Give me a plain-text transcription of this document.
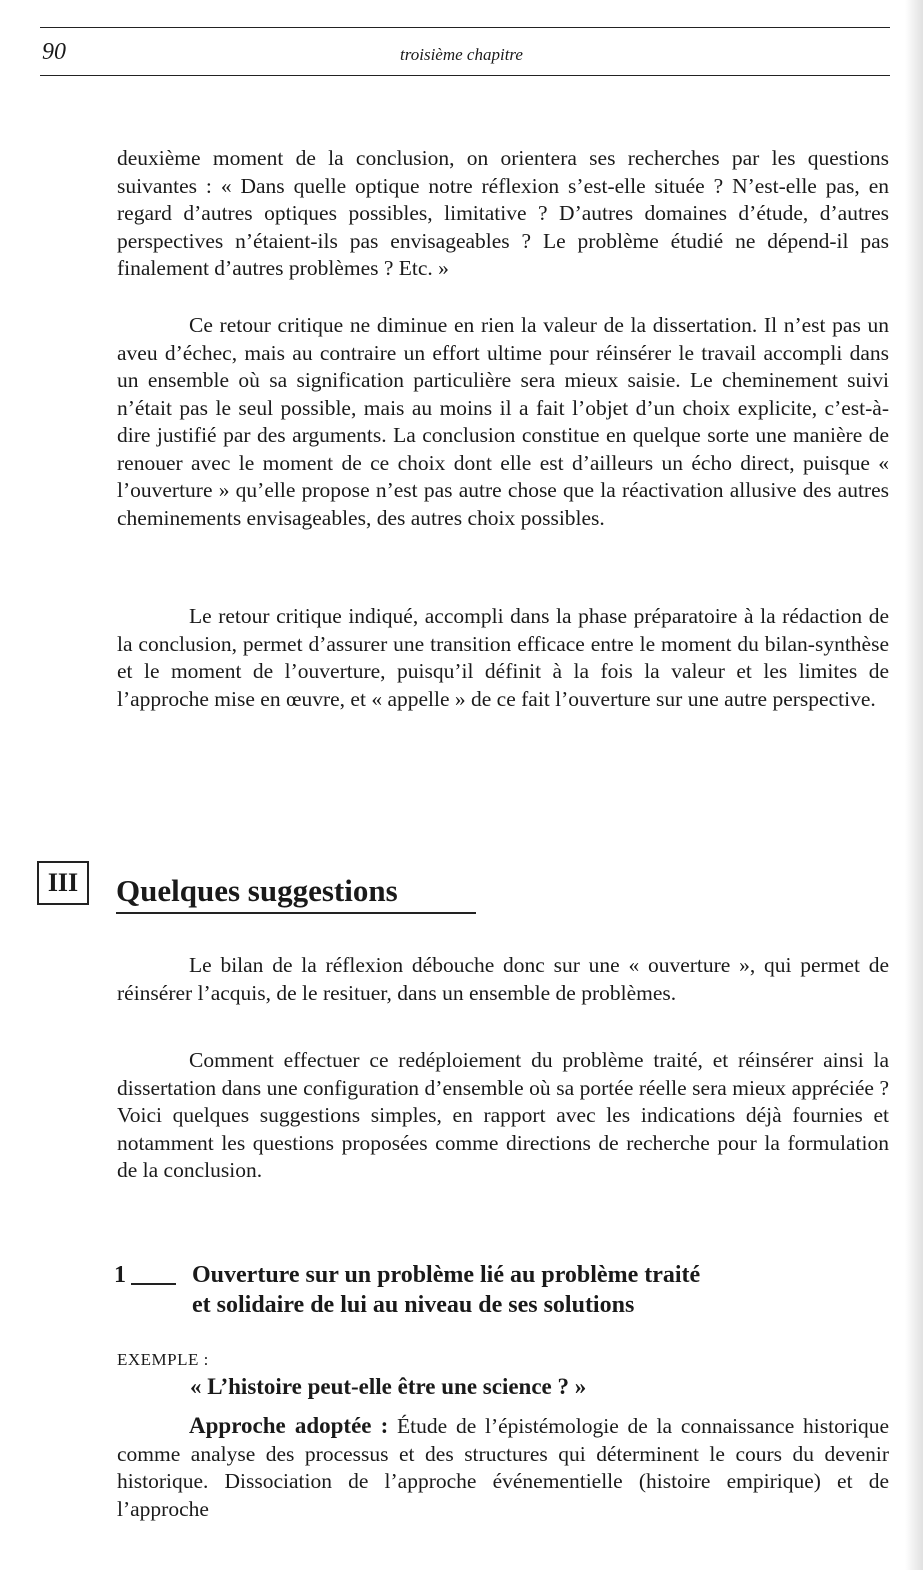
90	troisième chapitre

deuxième moment de la conclusion, on orientera ses recherches par les questions suivantes : « Dans quelle optique notre réflexion s’est-elle située ? N’est-elle pas, en regard d’autres optiques possibles, limitative ? D’autres domaines d’étude, d’autres perspectives n’étaient-ils pas envisageables ? Le problème étudié ne dépend-il pas finalement d’autres problèmes ? Etc. »

Ce retour critique ne diminue en rien la valeur de la dissertation. Il n’est pas un aveu d’échec, mais au contraire un effort ultime pour réinsérer le travail accompli dans un ensemble où sa signification particulière sera mieux saisie. Le cheminement suivi n’était pas le seul possible, mais au moins il a fait l’objet d’un choix explicite, c’est-à-dire justifié par des arguments. La conclusion constitue en quelque sorte une manière de renouer avec le moment de ce choix dont elle est d’ailleurs un écho direct, puisque « l’ouverture » qu’elle propose n’est pas autre chose que la réactivation allusive des autres cheminements envisageables, des autres choix possibles.

Le retour critique indiqué, accompli dans la phase préparatoire à la rédaction de la conclusion, permet d’assurer une transition efficace entre le moment du bilan-synthèse et le moment de l’ouverture, puisqu’il définit à la fois la valeur et les limites de l’approche mise en œuvre, et « appelle » de ce fait l’ouverture sur une autre perspective.

III	Quelques suggestions

Le bilan de la réflexion débouche donc sur une « ouverture », qui permet de réinsérer l’acquis, de le resituer, dans un ensemble de problèmes.

Comment effectuer ce redéploiement du problème traité, et réinsérer ainsi la dissertation dans une configuration d’ensemble où sa portée réelle sera mieux appréciée ? Voici quelques suggestions simples, en rapport avec les indications déjà fournies et notamment les questions proposées comme directions de recherche pour la formulation de la conclusion.

1	Ouverture sur un problème lié au problème traité
et solidaire de lui au niveau de ses solutions
EXEMPLE :
« L’histoire peut-elle être une science ? »

Approche adoptée : Étude de l’épistémologie de la connaissance historique comme analyse des processus et des structures qui déterminent le cours du devenir historique. Dissociation de l’approche événementielle (histoire empirique) et de l’approche
